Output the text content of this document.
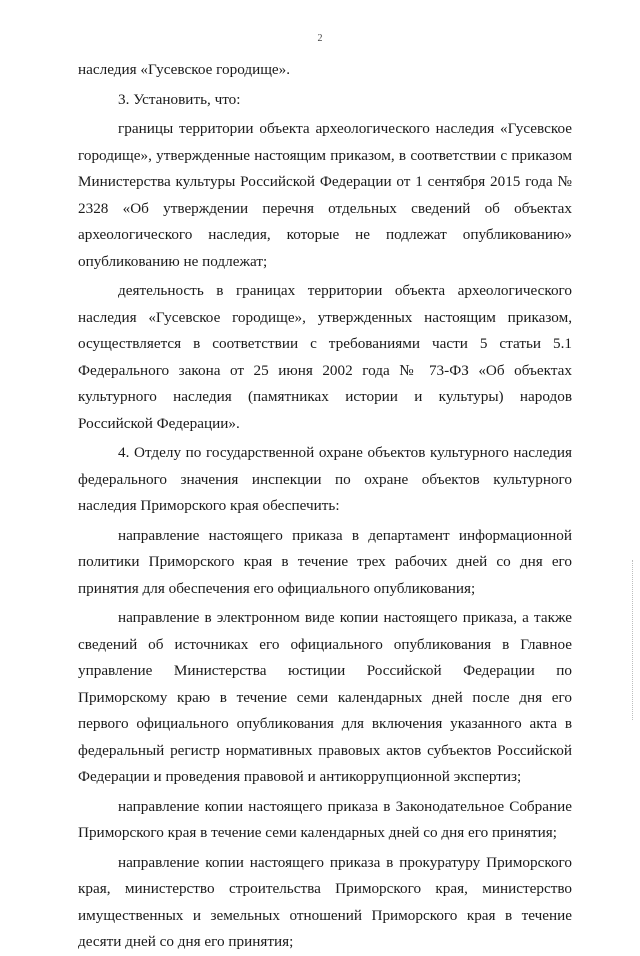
2

наследия «Гусевское городище».

3. Установить, что:

границы территории объекта археологического наследия «Гусевское городище», утвержденные настоящим приказом, в соответствии с приказом Министерства культуры Российской Федерации от 1 сентября 2015 года № 2328 «Об утверждении перечня отдельных сведений об объектах археологического наследия, которые не подлежат опубликованию» опубликованию не подлежат;

деятельность в границах территории объекта археологического наследия «Гусевское городище», утвержденных настоящим приказом, осуществляется в соответствии с требованиями части 5 статьи 5.1 Федерального закона от 25 июня 2002 года № 73-ФЗ «Об объектах культурного наследия (памятниках истории и культуры) народов Российской Федерации».

4. Отделу по государственной охране объектов культурного наследия федерального значения инспекции по охране объектов культурного наследия Приморского края обеспечить:

направление настоящего приказа в департамент информационной политики Приморского края в течение трех рабочих дней со дня его принятия для обеспечения его официального опубликования;

направление в электронном виде копии настоящего приказа, а также сведений об источниках его официального опубликования в Главное управление Министерства юстиции Российской Федерации по Приморскому краю в течение семи календарных дней после дня его первого официального опубликования для включения указанного акта в федеральный регистр нормативных правовых актов субъектов Российской Федерации и проведения правовой и антикоррупционной экспертиз;

направление копии настоящего приказа в Законодательное Собрание Приморского края в течение семи календарных дней со дня его принятия;

направление копии настоящего приказа в прокуратуру Приморского края, министерство строительства Приморского края, министерство имущественных и земельных отношений Приморского края в течение десяти дней со дня его принятия;
